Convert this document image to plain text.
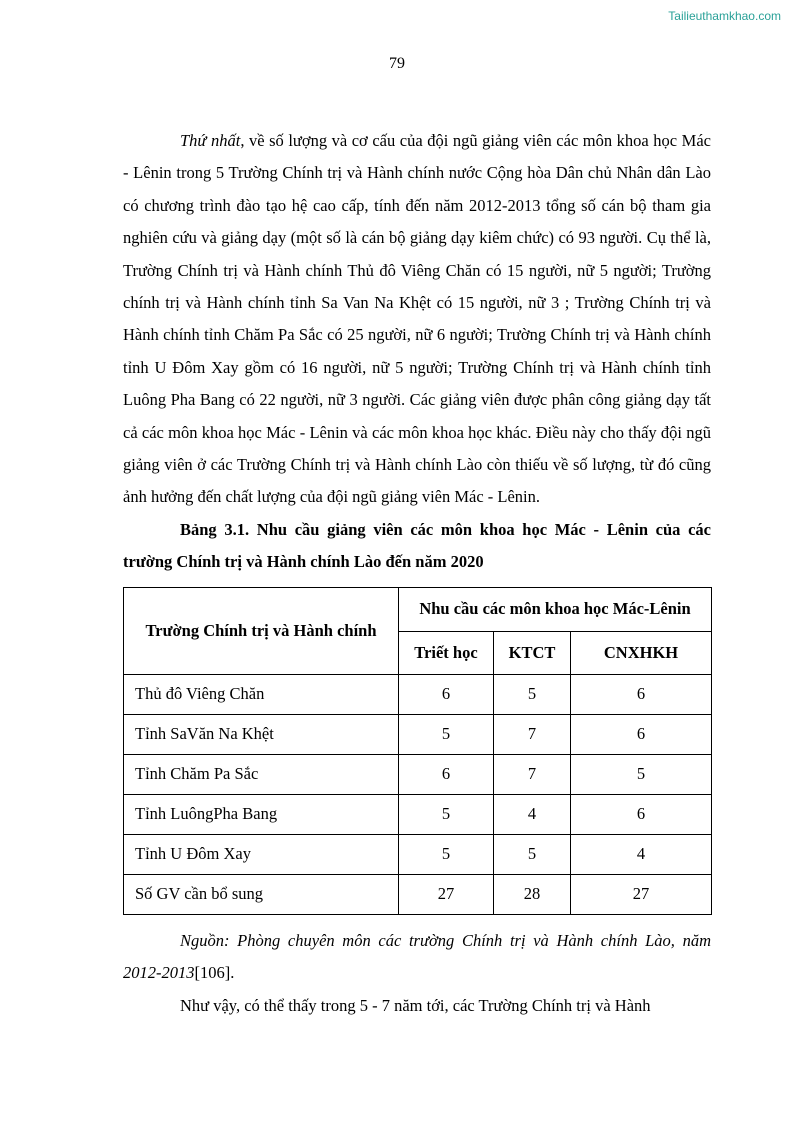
Tailieuthamkhao.com
79

Thứ nhất, về số lượng và cơ cấu của đội ngũ giảng viên các môn khoa học Mác - Lênin trong 5 Trường Chính trị và Hành chính nước Cộng hòa Dân chủ Nhân dân Lào có chương trình đào tạo hệ cao cấp, tính đến năm 2012-2013 tổng số cán bộ tham gia nghiên cứu và giảng dạy (một số là cán bộ giảng dạy kiêm chức) có 93 người. Cụ thể là, Trường Chính trị và Hành chính Thủ đô Viêng Chăn có 15 người, nữ 5 người; Trường chính trị và Hành chính tỉnh Sa Van Na Khệt có 15 người, nữ 3 ; Trường Chính trị và Hành chính tỉnh Chăm Pa Sắc có 25 người, nữ 6 người; Trường Chính trị và Hành chính tỉnh U Đôm Xay gồm có 16 người, nữ 5 người; Trường Chính trị và Hành chính tỉnh Luông Pha Bang có 22 người, nữ 3 người. Các giảng viên được phân công giảng dạy tất cả các môn khoa học Mác - Lênin và các môn khoa học khác. Điều này cho thấy đội ngũ giảng viên ở các Trường Chính trị và Hành chính Lào còn thiếu về số lượng, từ đó cũng ảnh hưởng đến chất lượng của đội ngũ giảng viên Mác - Lênin.

Bảng 3.1. Nhu cầu giảng viên các môn khoa học Mác - Lênin của các trường Chính trị và Hành chính Lào đến năm 2020

Trường Chính trị và Hành chính	Nhu cầu các môn khoa học Mác-Lênin		
	Triết học	KTCT	CNXHKH
Thủ đô Viêng Chăn	6	5	6
Tỉnh SaVăn Na Khệt	5	7	6
Tỉnh Chăm Pa Sắc	6	7	5
Tỉnh LuôngPha Bang	5	4	6
Tỉnh U Đôm Xay	5	5	4
Số GV cần bổ sung	27	28	27

Nguồn: Phòng chuyên môn các trường Chính trị và Hành chính Lào, năm 2012-2013[106].

Như vậy, có thể thấy trong 5 - 7 năm tới, các Trường Chính trị và Hành
